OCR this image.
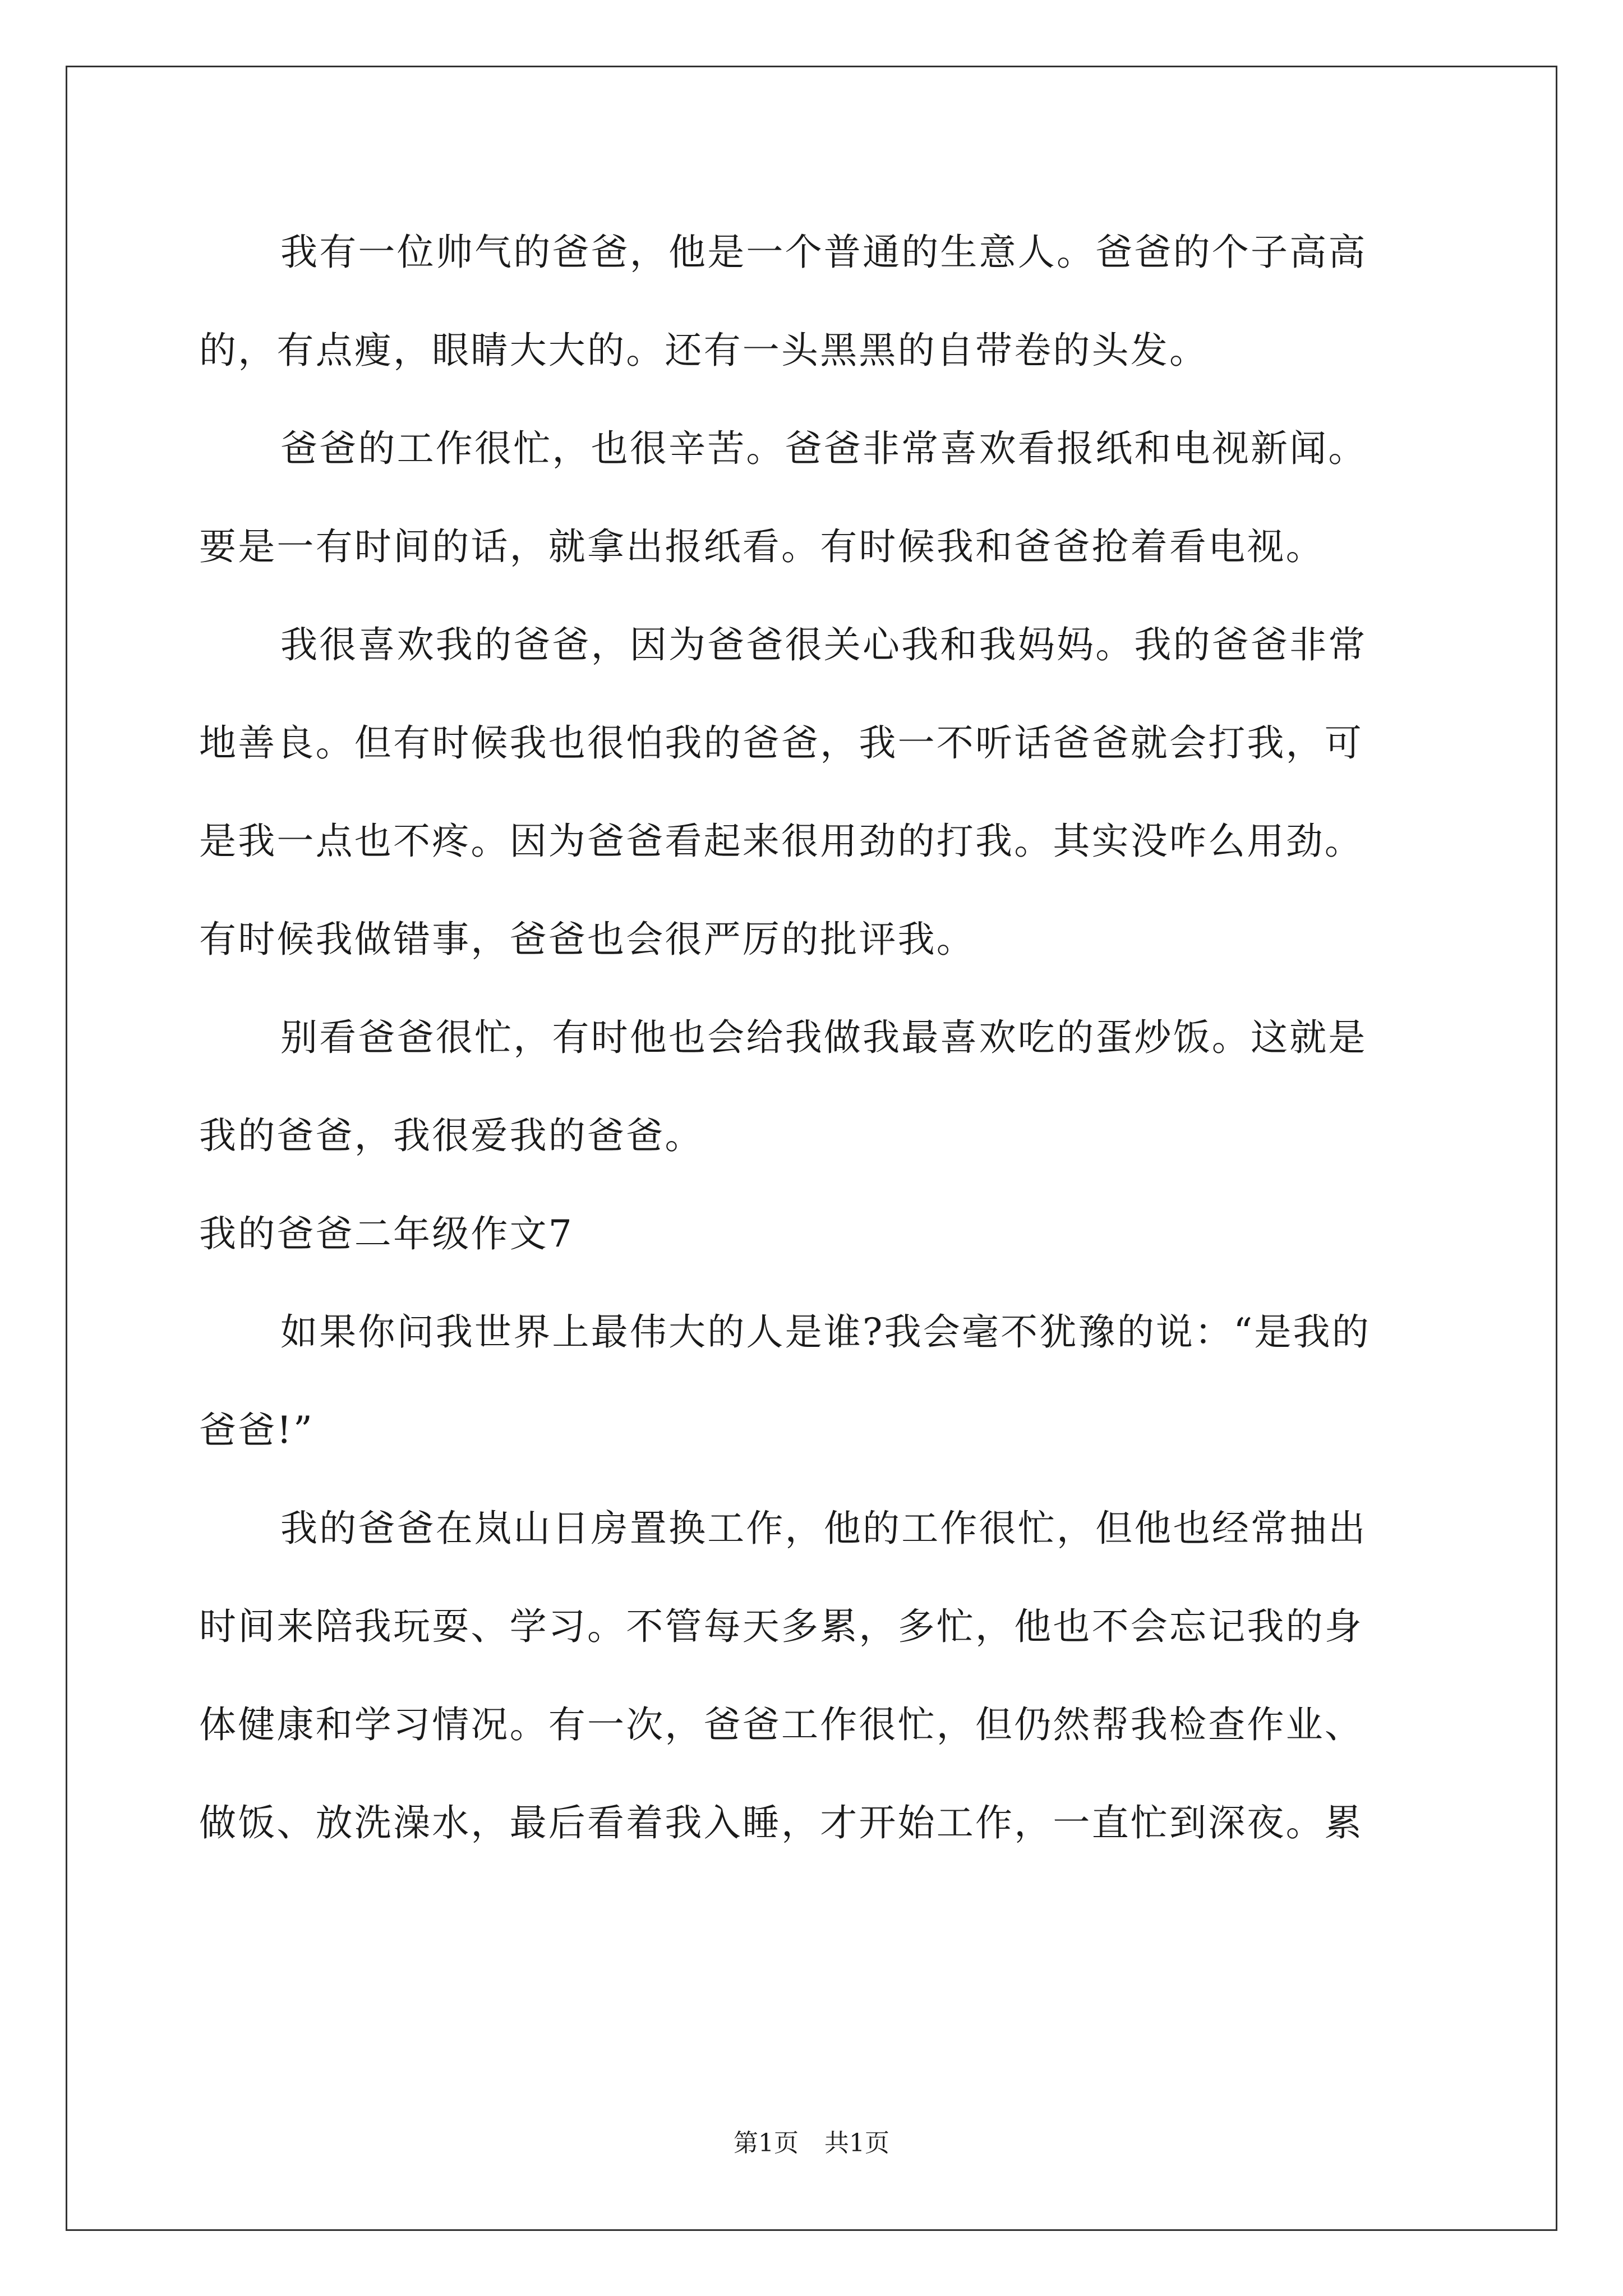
我有一位帅气的爸爸，他是一个普通的生意人。爸爸的个子高高
的，有点瘦，眼睛大大的。还有一头黑黑的自带卷的头发。
爸爸的工作很忙，也很辛苦。爸爸非常喜欢看报纸和电视新闻。
要是一有时间的话，就拿出报纸看。有时候我和爸爸抢着看电视。
我很喜欢我的爸爸，因为爸爸很关心我和我妈妈。我的爸爸非常
地善良。但有时候我也很怕我的爸爸，我一不听话爸爸就会打我，可
是我一点也不疼。因为爸爸看起来很用劲的打我。其实没咋么用劲。
有时候我做错事，爸爸也会很严厉的批评我。
别看爸爸很忙，有时他也会给我做我最喜欢吃的蛋炒饭。这就是
我的爸爸，我很爱我的爸爸。
我的爸爸二年级作文7
如果你问我世界上最伟大的人是谁?我会毫不犹豫的说：“是我的
爸爸!”
我的爸爸在岚山日房置换工作，他的工作很忙，但他也经常抽出
时间来陪我玩耍、学习。不管每天多累，多忙，他也不会忘记我的身
体健康和学习情况。有一次，爸爸工作很忙，但仍然帮我检查作业、
做饭、放洗澡水，最后看着我入睡，才开始工作，一直忙到深夜。累
第1页 共1页
